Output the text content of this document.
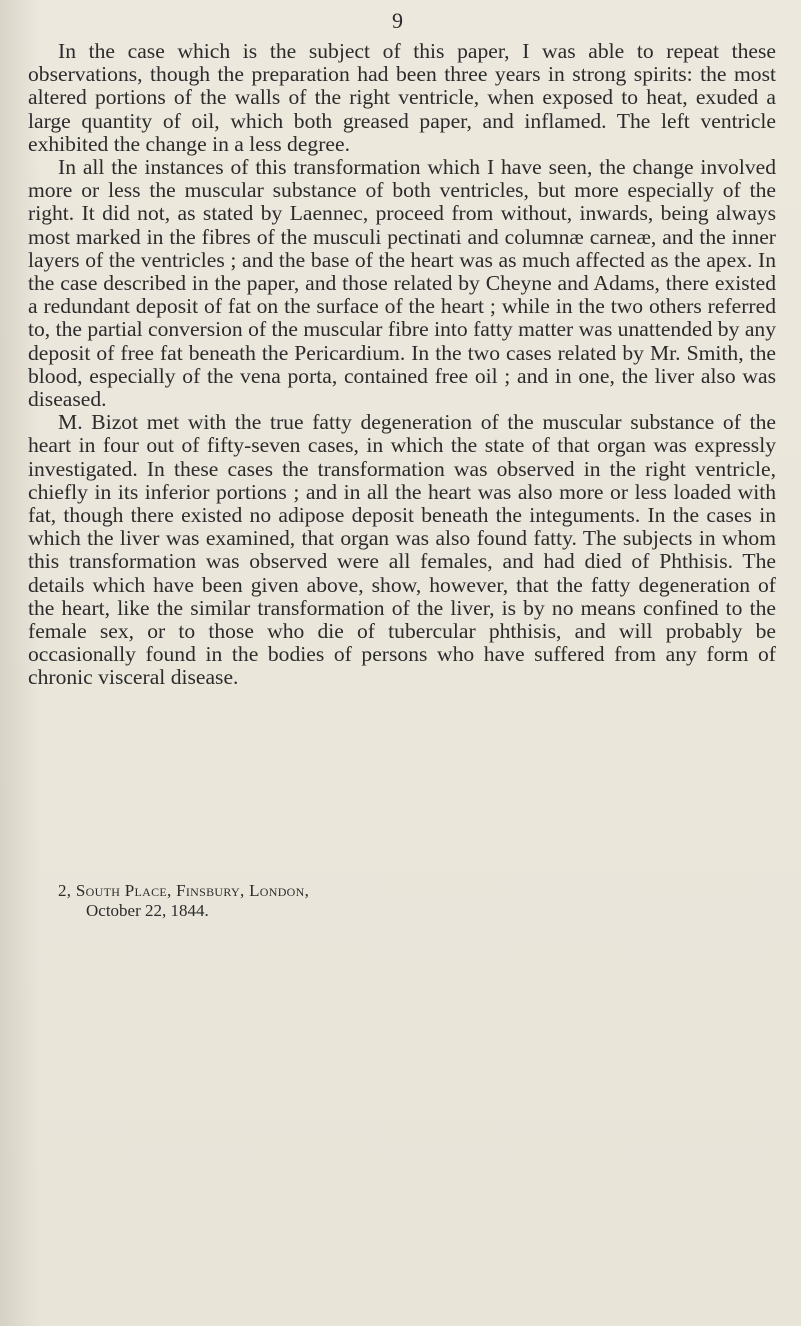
9

In the case which is the subject of this paper, I was able to repeat these observations, though the preparation had been three years in strong spirits: the most altered portions of the walls of the right ventricle, when exposed to heat, exuded a large quantity of oil, which both greased paper, and inflamed. The left ventricle exhibited the change in a less degree.

In all the instances of this transformation which I have seen, the change involved more or less the muscular substance of both ventricles, but more especially of the right. It did not, as stated by Laennec, proceed from without, inwards, being always most marked in the fibres of the musculi pectinati and columnæ carneæ, and the inner layers of the ventricles ; and the base of the heart was as much affected as the apex. In the case described in the paper, and those related by Cheyne and Adams, there existed a redundant deposit of fat on the surface of the heart ; while in the two others referred to, the partial conversion of the muscular fibre into fatty matter was unattended by any deposit of free fat beneath the Pericardium. In the two cases related by Mr. Smith, the blood, especially of the vena porta, contained free oil ; and in one, the liver also was diseased.

M. Bizot met with the true fatty degeneration of the muscular substance of the heart in four out of fifty-seven cases, in which the state of that organ was expressly investigated. In these cases the transformation was observed in the right ventricle, chiefly in its inferior portions ; and in all the heart was also more or less loaded with fat, though there existed no adipose deposit beneath the integuments. In the cases in which the liver was examined, that organ was also found fatty. The subjects in whom this transformation was observed were all females, and had died of Phthisis. The details which have been given above, show, however, that the fatty degeneration of the heart, like the similar transformation of the liver, is by no means confined to the female sex, or to those who die of tubercular phthisis, and will probably be occasionally found in the bodies of persons who have suffered from any form of chronic visceral disease.

2, South Place, Finsbury, London,
October 22, 1844.
